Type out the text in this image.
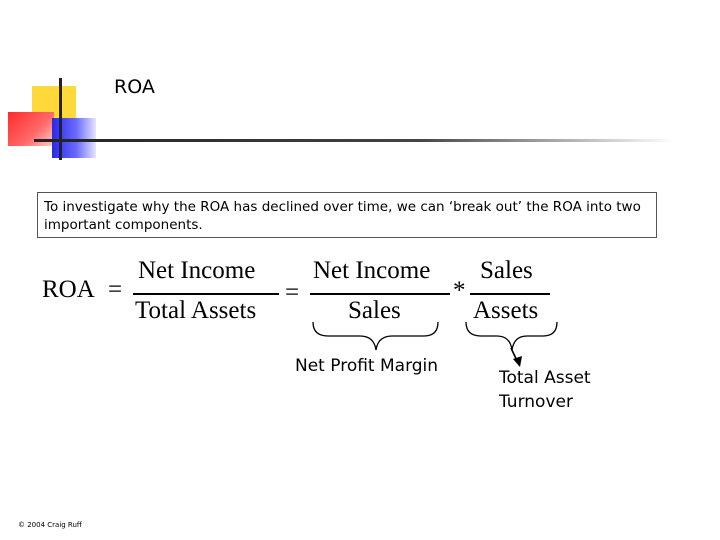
ROA
To investigate why the ROA has declined over time, we can ‘break out’ the ROA into two important components.
ROA =
Net Income
Total Assets
=
Net Income
Sales
*
Sales
Assets
Net Profit Margin
Total Asset
Turnover
© 2004 Craig Ruff
